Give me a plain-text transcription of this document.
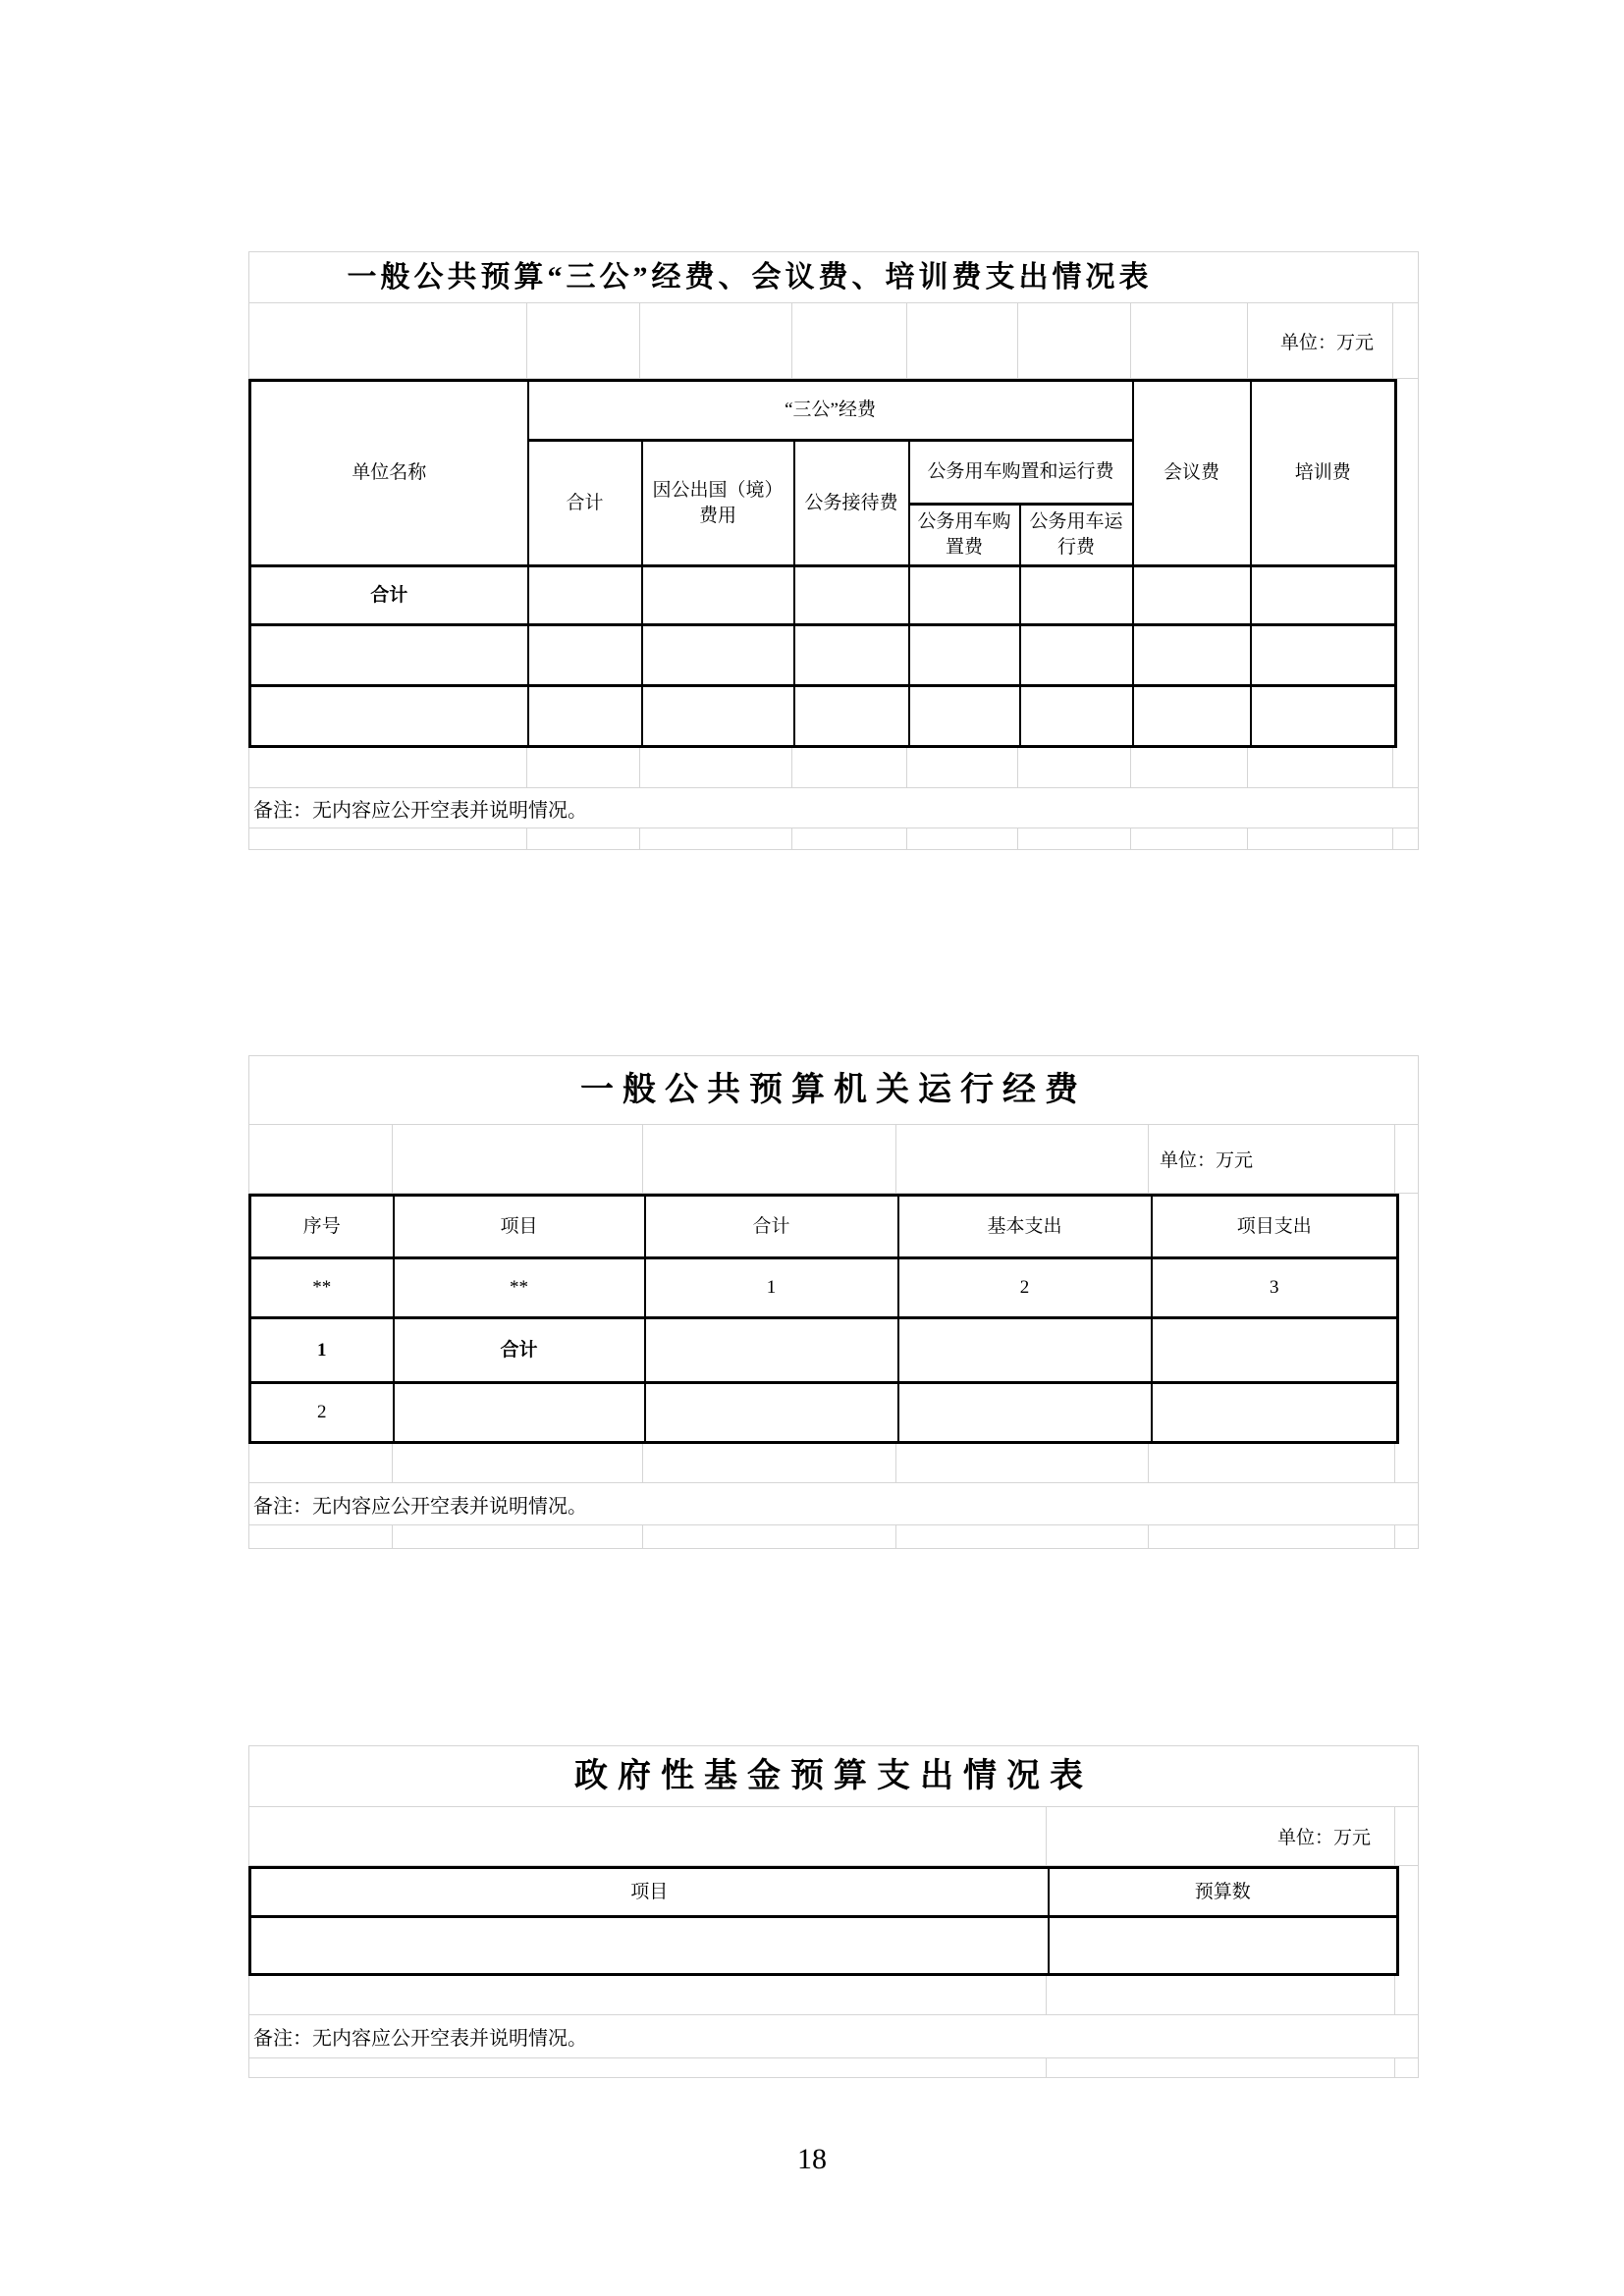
一般公共预算“三公”经费、会议费、培训费支出情况表
单位：万元
单位名称	“三公”经费					会议费	培训费
	合计	因公出国（境）费用	公务接待费	公务用车购置和运行费			
				公务用车购置费	公务用车运行费		
合计							

备注：无内容应公开空表并说明情况。
一般公共预算机关运行经费
单位：万元
序号	项目	合计	基本支出	项目支出
**	**	1	2	3
1	合计			
2				
备注：无内容应公开空表并说明情况。
政府性基金预算支出情况表
单位：万元
项目	预算数

备注：无内容应公开空表并说明情况。
18
